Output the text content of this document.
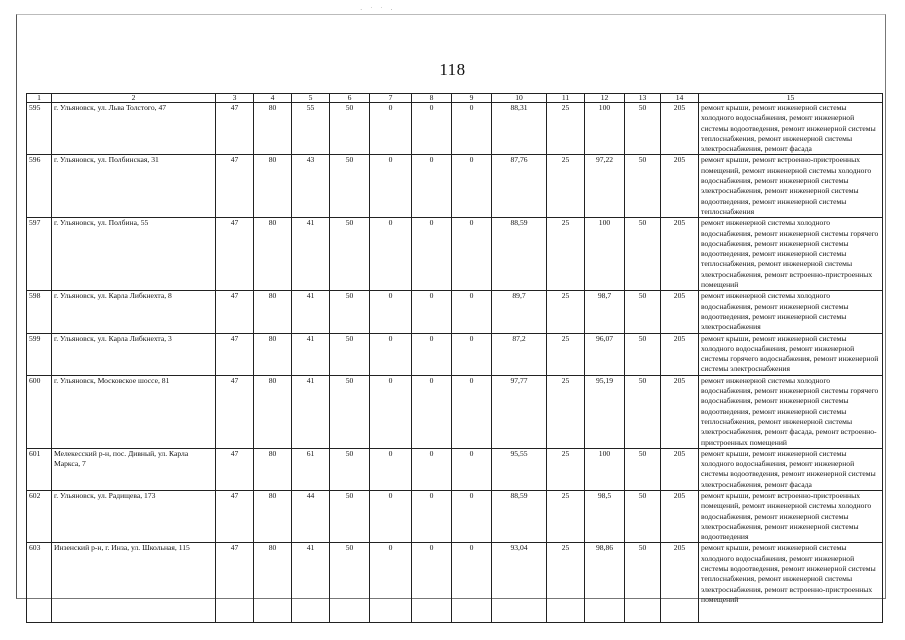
· ˙ ˙ ·
118
1	2	3	4	5	6	7	8	9	10	11	12	13	14	15
595	г. Ульяновск, ул. Льва Толстого, 47	47	80	55	50	0	0	0	88,31	25	100	50	205	ремонт крыши, ремонт инженерной системы холодного водоснабжения, ремонт инженерной системы водоотведения, ремонт инженерной системы теплоснабжения, ремонт инженерной системы электроснабжения, ремонт фасада
596	г. Ульяновск, ул. Полбинская, 31	47	80	43	50	0	0	0	87,76	25	97,22	50	205	ремонт крыши, ремонт встроенно-пристроенных помещений, ремонт инженерной системы холодного водоснабжения, ремонт инженерной системы электроснабжения, ремонт инженерной системы водоотведения, ремонт инженерной системы теплоснабжения
597	г. Ульяновск, ул. Полбина, 55	47	80	41	50	0	0	0	88,59	25	100	50	205	ремонт инженерной системы холодного водоснабжения, ремонт инженерной системы горячего водоснабжения, ремонт инженерной системы водоотведения, ремонт инженерной системы теплоснабжения, ремонт инженерной системы электроснабжения, ремонт встроенно-пристроенных помещений
598	г. Ульяновск, ул. Карла Либкнехта, 8	47	80	41	50	0	0	0	89,7	25	98,7	50	205	ремонт инженерной системы холодного водоснабжения, ремонт инженерной системы водоотведения, ремонт инженерной системы электроснабжения
599	г. Ульяновск, ул. Карла Либкнехта, 3	47	80	41	50	0	0	0	87,2	25	96,07	50	205	ремонт крыши, ремонт инженерной системы холодного водоснабжения, ремонт инженерной системы горячего водоснабжения, ремонт инженерной системы электроснабжения
600	г. Ульяновск, Московское шоссе, 81	47	80	41	50	0	0	0	97,77	25	95,19	50	205	ремонт инженерной системы холодного водоснабжения, ремонт инженерной системы горячего водоснабжения, ремонт инженерной системы водоотведения, ремонт инженерной системы теплоснабжения, ремонт инженерной системы электроснабжения, ремонт фасада, ремонт встроенно-пристроенных помещений
601	Мелекесский р-н, пос. Дивный, ул. Карла Маркса, 7	47	80	61	50	0	0	0	95,55	25	100	50	205	ремонт крыши, ремонт инженерной системы холодного водоснабжения, ремонт инженерной системы водоотведения, ремонт инженерной системы электроснабжения, ремонт фасада
602	г. Ульяновск, ул. Радищева, 173	47	80	44	50	0	0	0	88,59	25	98,5	50	205	ремонт крыши, ремонт встроенно-пристроенных помещений, ремонт инженерной системы холодного водоснабжения, ремонт инженерной системы электроснабжения, ремонт инженерной системы водоотведения
603	Инзенский р-н, г. Инза, ул. Школьная, 115	47	80	41	50	0	0	0	93,04	25	98,86	50	205	ремонт крыши, ремонт инженерной системы холодного водоснабжения, ремонт инженерной системы водоотведения, ремонт инженерной системы теплоснабжения, ремонт инженерной системы электроснабжения, ремонт встроенно-пристроенных помещений
